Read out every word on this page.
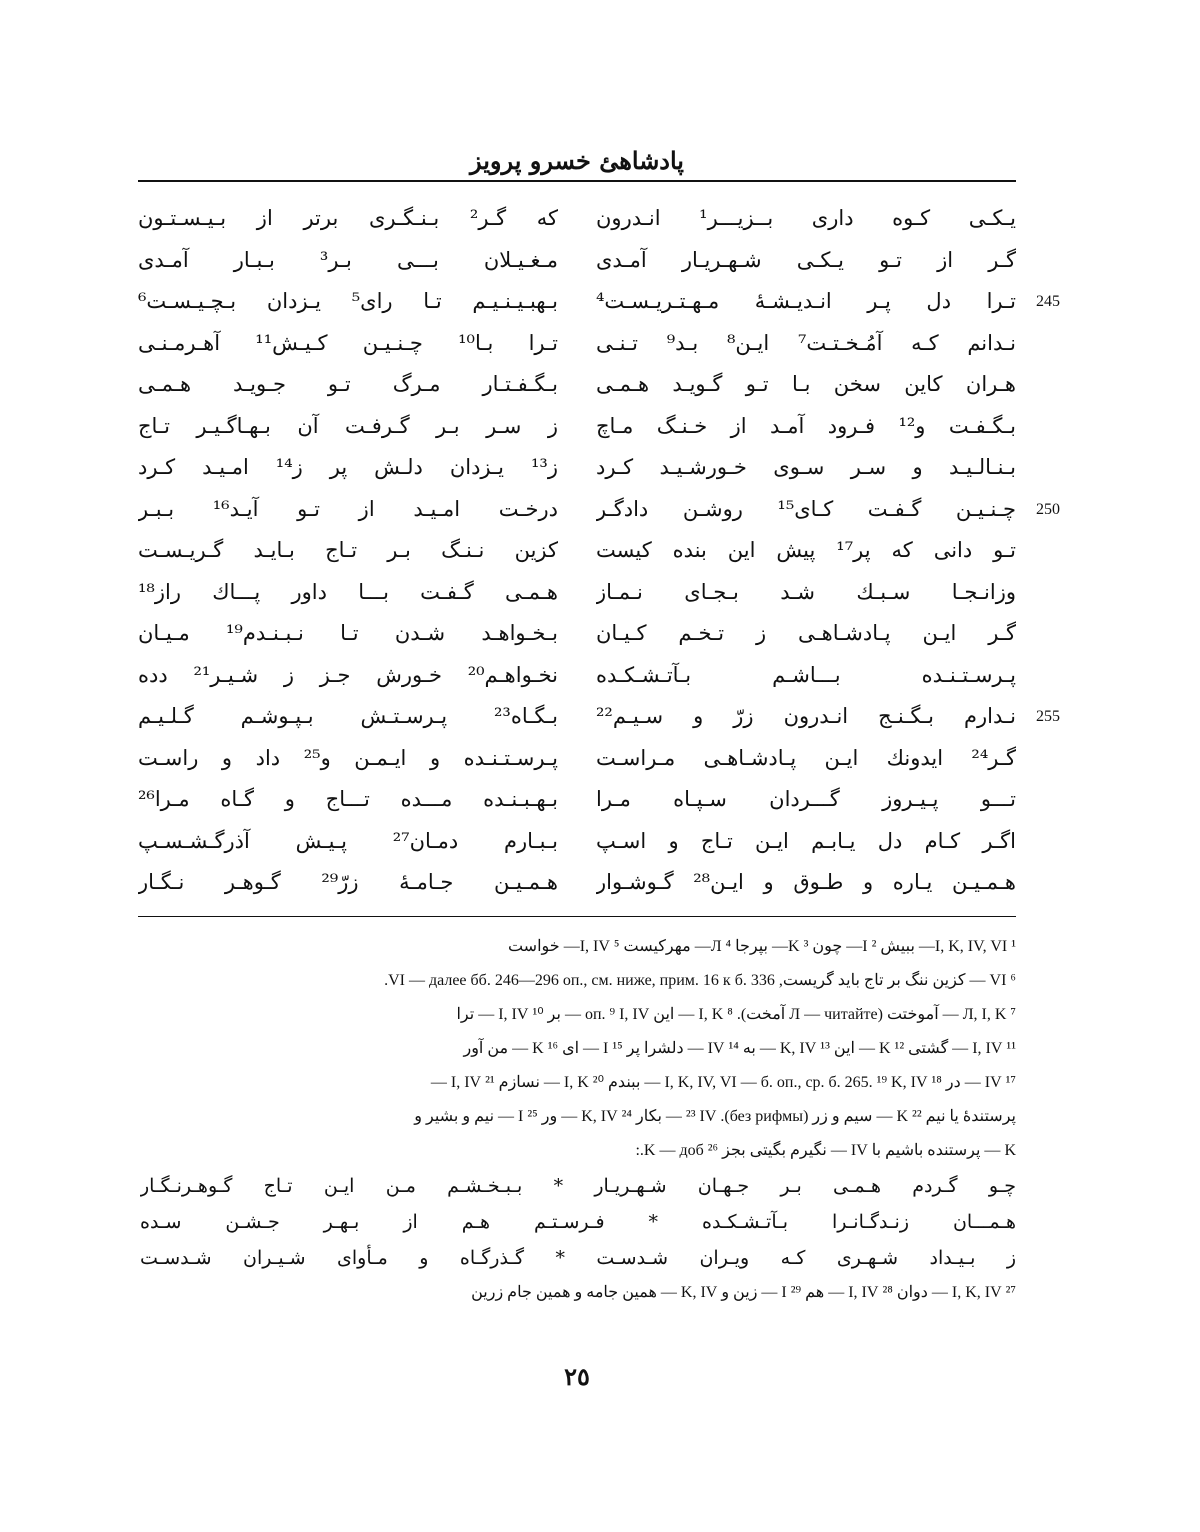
پادشاهئ خسرو پرويز
كه گـر² بـنـگـرى برتر از بـيـسـتـون يـكـى كـوه دارى بــزيـــر¹ انـدرون
مـغـيـلان بـــى بـر³ بـبـار آمـدى گـر از تـو يـكـى شـهـريـار آمـدى
بـهبـيـنـيـم تـا راى⁵ يـزدان بـچـيـسـت⁶ تـرا دل پـر انـديـشـهٔ مـهـتـريـسـت⁴ 245
تـرا بـا¹⁰ چـنـيـن كـيـش¹¹ آهـرمـنـى نـدانم كـه آمُـخـتـت⁷ ايـن⁸ بـد⁹ تـنـى
بـگـفـتـار مـرگ تـو جـويـد هـمـى هـران كاين سخن بـا تـو گـويـد هـمـى
ز سـر بـر گـرفـت آن بـهـاگـيـر تـاج بـگـفـت و¹² فـرود آمـد از خـنـگ مـاچ
ز¹³ يـزدان دلـش پر ز¹⁴ امـيـد كـرد بـنـالـيـد و سـر سـوى خـورشـيـد كـرد
درخـت امـيـد از تـو آيـد¹⁶ بـبـر چـنـيـن گـفـت كـاى¹⁵ روشـن دادگـر 250
كزين نـنـگ بـر تـاج بـايـد گـريـسـت تـو دانى كه پر¹⁷ پيش اين بنده كيست
هـمـى گـفـت بـــا داور پـــاك راز¹⁸ وزانـجـا سـبـك شـد بـجـاى نـمـاز
بـخـواهـد شـدن تـا نـبـنـدم¹⁹ مـيـان گـر ايـن پـادشـاهـى ز تـخـم كـيـان
نخـواهـم²⁰ خـورش جـز ز شـيـر²¹ دده پـرسـتـنـده بـــاشـم بـآتـشـكـده
بـگـاه²³ پـرسـتـش بـپـوشـم گـلـيـم نـدارم بـگـنـج انـدرون زرّ و سـيـم²² 255
پـرسـتـنـده و ايـمـن و²⁵ داد و راسـت گـر²⁴ ايدونك ايـن پـادشـاهـى مـراسـت
بـهـبـنـده مـــده تـــاج و گـاه مـرا²⁶ تـــو پـيـروز گـــردان سـپـاه مـرا
بـبـارم دمـان²⁷ پـيـش آذرگـشـسـپ اگـر كـام دل يـابـم ايـن تـاج و اسـپ
هـمـيـن جـامـهٔ زرّ²⁹ گـوهـر نـگـار هـمـيـن يـاره و طـوق و ايـن²⁸ گـوشـوار
¹ I, K, IV, VI— ببيش ² I— چون ³ K— بپرجا ⁴ Л— مهركيست ⁵ I, IV— خواست
⁶ VI — كزين ننگ بر تاج بايد گريست, VI — далее бб. 246—296 оп., см. ниже, прим. 16 к б. 336.
⁷ Л, I, K — آموختت (Л — читайте آمخت). ⁸ I, K — اين оп. ⁹ I, IV — بر ¹⁰ I, IV — ترا
¹¹ I, IV — گشتى ¹² K — اين ¹³ K, IV — به ¹⁴ IV — دلشرا پر ¹⁵ I — اى ¹⁶ K — من آور
¹⁷ IV — در ¹⁸ I, K, IV, VI — б. оп., ср. б. 265. ¹⁹ K, IV — ببندم ²⁰ I, K — نسازم ²¹ I, IV —
پرستندهٔ يا نيم ²² K — سيم و زر (без рифмы). ²³ IV — بكار ²⁴ K, IV — ور ²⁵ I — نيم و بشير و
K — پرستنده باشيم با IV — نگيرم بگيتى بجز ²⁶ K — доб.:
چـو گـردم هـمـى بـر جـهـان شـهـريـار * بـبـخـشـم مـن ايـن تـاج گـوهـرنـگـار
هـمـــان زنـدگـانـرا بـآتـشـكـده * فـرسـتـم هـم از بـهـر جـشـن سـده
ز بـيـداد شـهـرى كـه ويـران شـدسـت * گـذرگـاه و مـأواى شـيـران شـدسـت
²⁷ I, K, IV — دوان ²⁸ I, IV — هم ²⁹ I — زين و K, IV — همين جامه و همين جام زرين
٢٥
